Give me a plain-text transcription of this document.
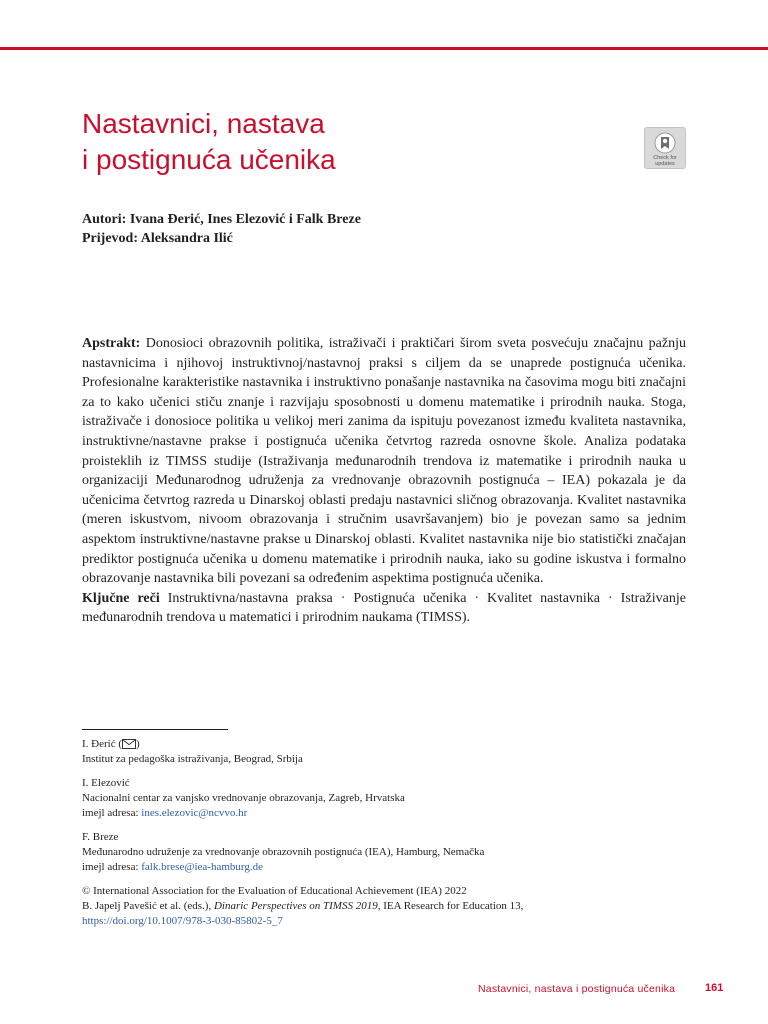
Nastavnici, nastava
i postignuća učenika	Check for
updates
Autori: Ivana Đerić, Ines Elezović i Falk Breze
Prijevod: Aleksandra Ilić

Apstrakt: Donosioci obrazovnih politika, istraživači i praktičari širom sveta posvećuju značajnu pažnju nastavnicima i njihovoj instruktivnoj/nastavnoj praksi s ciljem da se unaprede postignuća učenika. Profesionalne karakteristike nastavnika i instruktivno ponašanje nastavnika na časovima mogu biti značajni za to kako učenici stiču znanje i razvijaju sposobnosti u domenu matematike i prirodnih nauka. Stoga, istraživače i donosioce politika u velikoj meri zanima da ispituju povezanost između kvaliteta nastavnika, instruktivne/nastavne prakse i postignuća učenika četvrtog razreda osnovne škole. Analiza podataka proisteklih iz TIMSS studije (Istraživanja međunarodnih trendova iz matematike i prirodnih nauka u organizaciji Međunarodnog udruženja za vrednovanje obrazovnih postignuća – IEA) pokazala je da učenicima četvrtog razreda u Dinarskoj oblasti predaju nastavnici sličnog obrazovanja. Kvalitet nastavnika (meren iskustvom, nivoom obrazovanja i stručnim usavršavanjem) bio je povezan samo sa jednim aspektom instruktivne/nastavne prakse u Dinarskoj oblasti. Kvalitet nastavnika nije bio statistički značajan prediktor postignuća učenika u domenu matematike i prirodnih nauka, iako su godine iskustva i formalno obrazovanje nastavnika bili povezani sa određenim aspektima postignuća učenika.

Ključne reči Instruktivna/nastavna praksa · Postignuća učenika · Kvalitet nastavnika · Istraživanje međunarodnih trendova u matematici i prirodnim naukama (TIMSS).

I. Đerić ( )
Institut za pedagoška istraživanja, Beograd, Srbija
I. Elezović
Nacionalni centar za vanjsko vrednovanje obrazovanja, Zagreb, Hrvatska
imejl adresa: ines.elezovic@ncvvo.hr
F. Breze
Međunarodno udruženje za vrednovanje obrazovnih postignuća (IEA), Hamburg, Nemačka
imejl adresa: falk.brese@iea-hamburg.de
© International Association for the Evaluation of Educational Achievement (IEA) 2022
B. Japelj Pavešić et al. (eds.), Dinaric Perspectives on TIMSS 2019, IEA Research for Education 13,
https://doi.org/10.1007/978-3-030-85802-5_7
Nastavnici, nastava i postignuća učenika	161
